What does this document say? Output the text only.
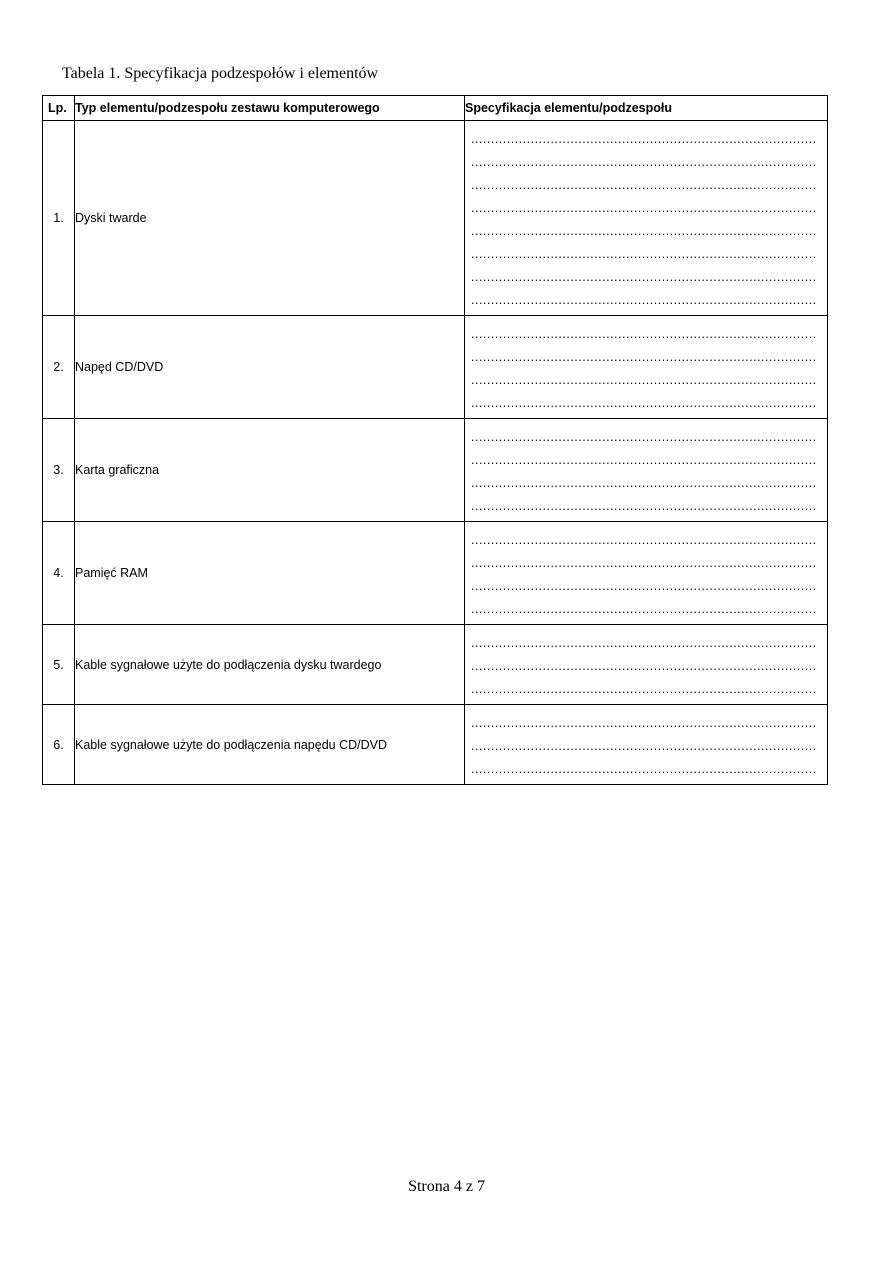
Tabela 1. Specyfikacja podzespołów i elementów
Lp.	Typ elementu/podzespołu zestawu komputerowego	Specyfikacja elementu/podzespołu
1.	Dyski twarde	
.......................................................................................
.......................................................................................
.......................................................................................
.......................................................................................
.......................................................................................
.......................................................................................
.......................................................................................
.......................................................................................

2.	Napęd CD/DVD	.......................................................................................
.......................................................................................
.......................................................................................
.......................................................................................

3.	Karta graficzna	.......................................................................................
.......................................................................................
.......................................................................................
.......................................................................................

4.	Pamięć RAM	.......................................................................................
.......................................................................................
.......................................................................................
.......................................................................................

5.	Kable sygnałowe użyte do podłączenia dysku twardego	.......................................................................................
.......................................................................................
.......................................................................................

6.	Kable sygnałowe użyte do podłączenia napędu CD/DVD	.......................................................................................
.......................................................................................
.......................................................................................
Strona 4 z 7
